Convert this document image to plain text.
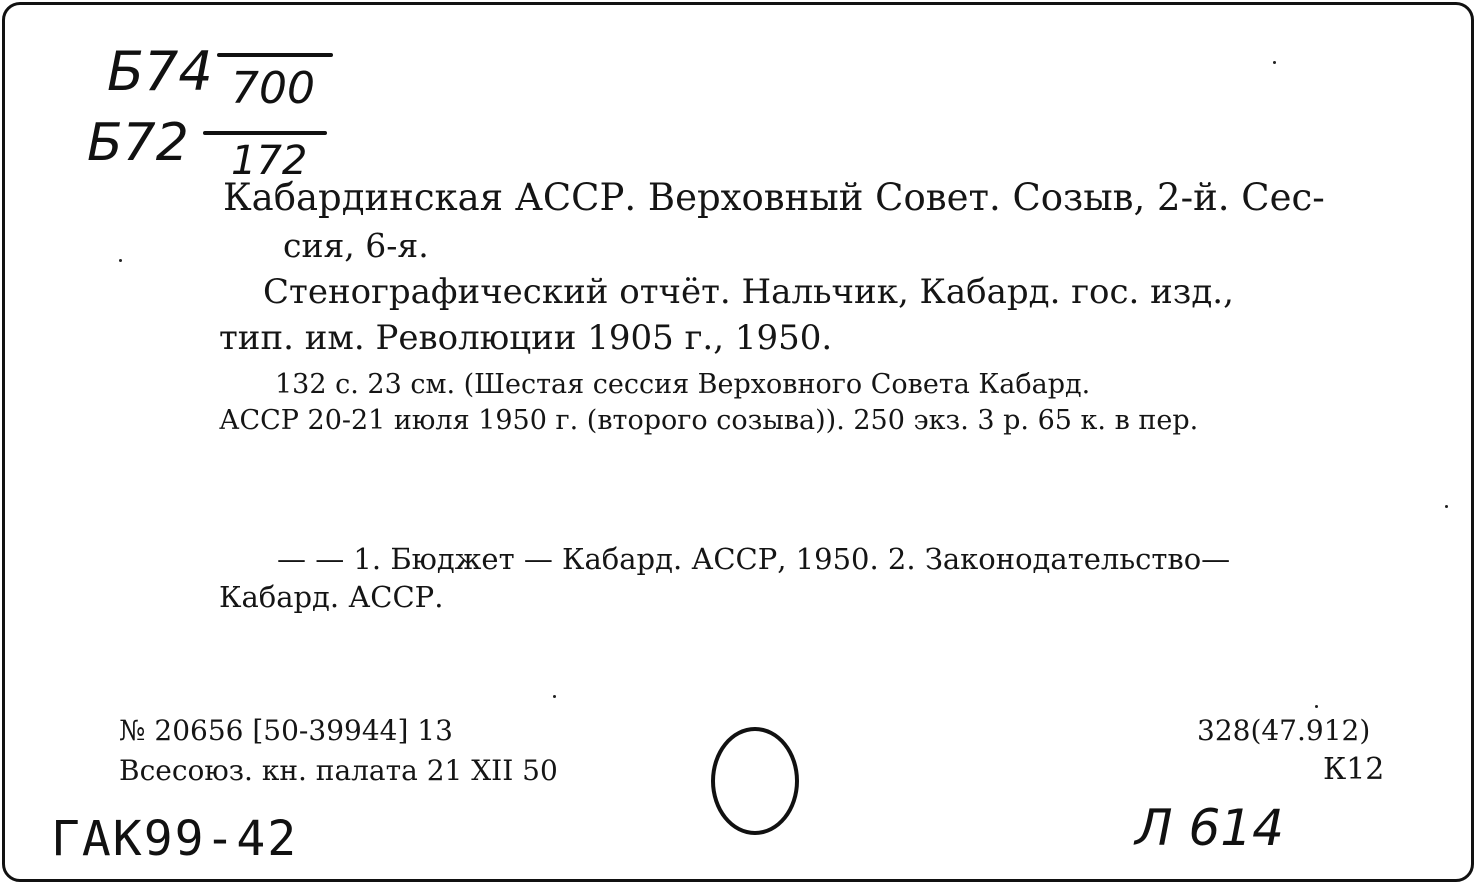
Б74 700
Б72 172
Кабардинская АССР. Верховный Совет. Созыв, 2-й. Сес-
сия, 6-я.
Стенографический отчёт. Нальчик, Кабард. гос. изд.,
тип. им. Революции 1905 г., 1950.
132 с. 23 см. (Шестая сессия Верховного Совета Кабард.
АССР 20-21 июля 1950 г. (второго созыва)). 250 экз. 3 р. 65 к. в пер.
— — 1. Бюджет — Кабард. АССР, 1950. 2. Законодательство—
Кабард. АССР.
№ 20656 [50-39944] 13
Всесоюз. кн. палата 21 XII 50
328(47.912)
К12
ГАК99-42	Л 614
